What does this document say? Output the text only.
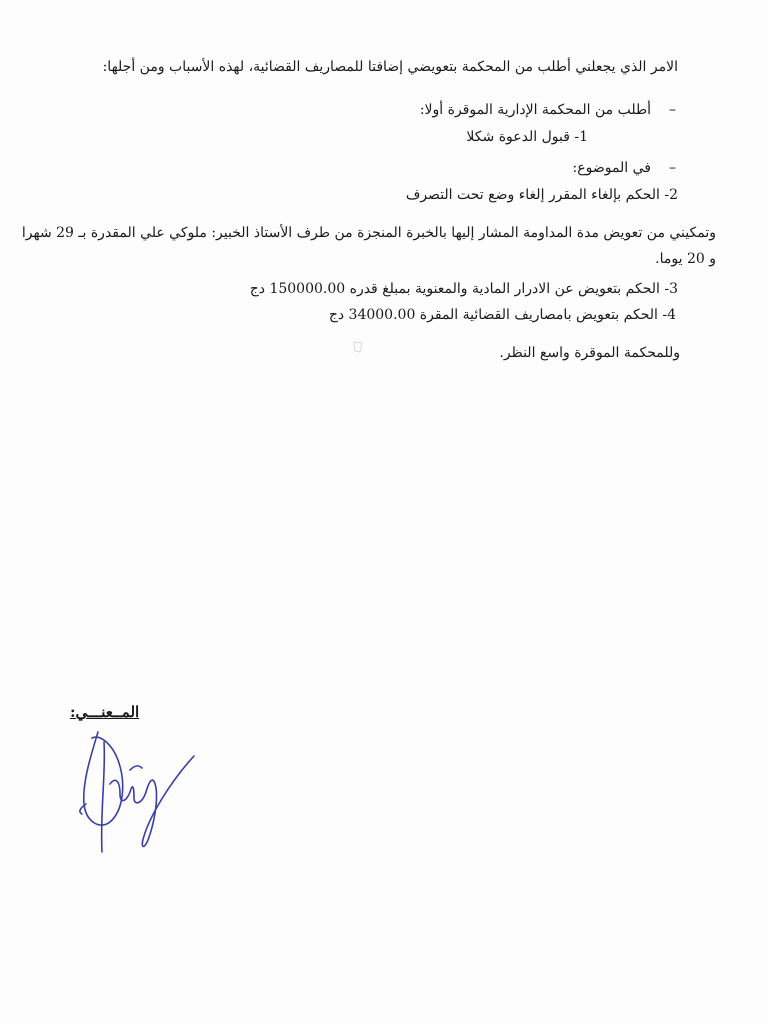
الامر الذي يجعلني أطلب من المحكمة بتعويضي إضافتا للمصاريف القضائية، لهذه الأسباب ومن أجلها:
–أطلب من المحكمة الإدارية الموقرة أولا:
1- قبول الدعوة شكلا
–في الموضوع:
2- الحكم بإلغاء المقرر إلغاء وضع تحت التصرف
وتمكيني من تعويض مدة المداومة المشار إليها بالخبرة المنجزة من طرف الأستاذ الخبير: ملوكي علي المقدرة بـ 29 شهرا و 20 يوما.
3- الحكم بتعويض عن الادرار المادية والمعنوية بمبلغ قدره 150000.00 دج
4- الحكم بتعويض بامصاريف القضائية المقرة 34000.00 دج
وللمحكمة الموقرة واسع النظر.
المــعنـــي:
